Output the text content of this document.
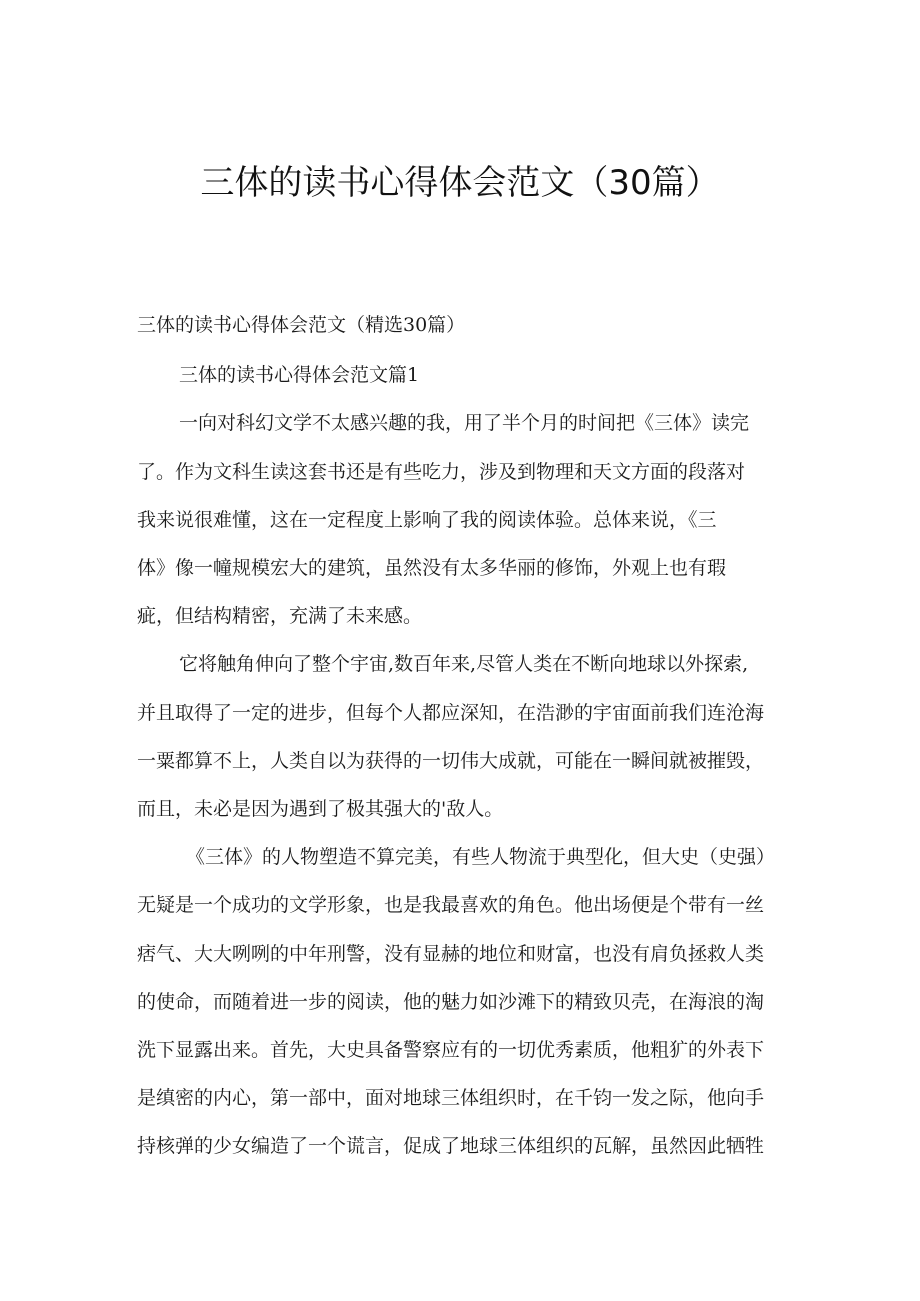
三体的读书心得体会范文（30篇）
三体的读书心得体会范文（精选30篇）
三体的读书心得体会范文篇1
一向对科幻文学不太感兴趣的我，用了半个月的时间把《三体》读完
了。作为文科生读这套书还是有些吃力，涉及到物理和天文方面的段落对
我来说很难懂，这在一定程度上影响了我的阅读体验。总体来说，《三
体》像一幢规模宏大的建筑，虽然没有太多华丽的修饰，外观上也有瑕
疵，但结构精密，充满了未来感。
它将触角伸向了整个宇宙,数百年来,尽管人类在不断向地球以外探索,
并且取得了一定的进步，但每个人都应深知，在浩渺的宇宙面前我们连沧海
一粟都算不上，人类自以为获得的一切伟大成就，可能在一瞬间就被摧毁，
而且，未必是因为遇到了极其强大的'敌人。
《三体》的人物塑造不算完美，有些人物流于典型化，但大史（史强）
无疑是一个成功的文学形象，也是我最喜欢的角色。他出场便是个带有一丝
痞气、大大咧咧的中年刑警，没有显赫的地位和财富，也没有肩负拯救人类
的使命，而随着进一步的阅读，他的魅力如沙滩下的精致贝壳，在海浪的淘
洗下显露出来。首先，大史具备警察应有的一切优秀素质，他粗犷的外表下
是缜密的内心，第一部中，面对地球三体组织时，在千钧一发之际，他向手
持核弹的少女编造了一个谎言，促成了地球三体组织的瓦解，虽然因此牺牲
